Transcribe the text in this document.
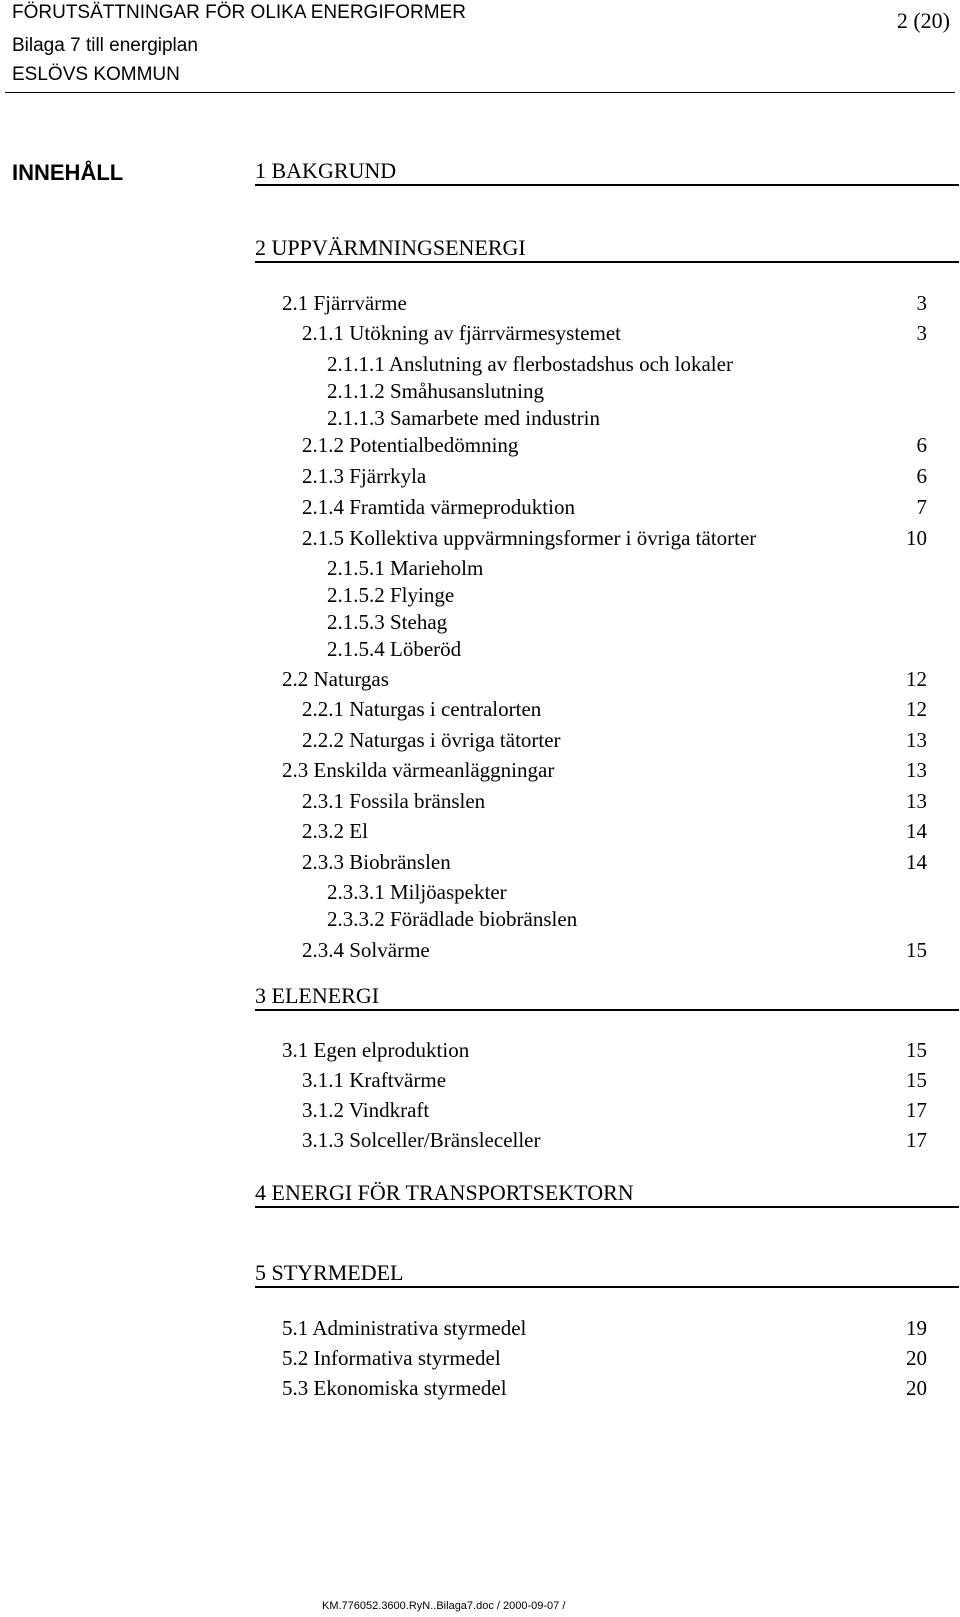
FÖRUTSÄTTNINGAR FÖR OLIKA ENERGIFORMER
Bilaga 7 till energiplan
ESLÖVS KOMMUN
2 (20)
INNEHÅLL	1 BAKGRUND
2 UPPVÄRMNINGSENERGI
2.1 Fjärrvärme	3
2.1.1 Utökning av fjärrvärmesystemet	3
2.1.1.1 Anslutning av flerbostadshus och lokaler
2.1.1.2 Småhusanslutning
2.1.1.3 Samarbete med industrin
2.1.2 Potentialbedömning	6
2.1.3 Fjärrkyla	6
2.1.4 Framtida värmeproduktion	7
2.1.5 Kollektiva uppvärmningsformer i övriga tätorter	10
2.1.5.1 Marieholm
2.1.5.2 Flyinge
2.1.5.3 Stehag
2.1.5.4 Löberöd
2.2 Naturgas	12
2.2.1 Naturgas i centralorten	12
2.2.2 Naturgas i övriga tätorter	13
2.3 Enskilda värmeanläggningar	13
2.3.1 Fossila bränslen	13
2.3.2 El	14
2.3.3 Biobränslen	14
2.3.3.1 Miljöaspekter
2.3.3.2 Förädlade biobränslen
2.3.4 Solvärme	15
3 ELENERGI
3.1 Egen elproduktion	15
3.1.1 Kraftvärme	15
3.1.2 Vindkraft	17
3.1.3 Solceller/Bränsleceller	17
4 ENERGI FÖR TRANSPORTSEKTORN
5 STYRMEDEL
5.1 Administrativa styrmedel	19
5.2 Informativa styrmedel	20
5.3 Ekonomiska styrmedel	20
KM.776052.3600.RyN..Bilaga7.doc / 2000-09-07 /
